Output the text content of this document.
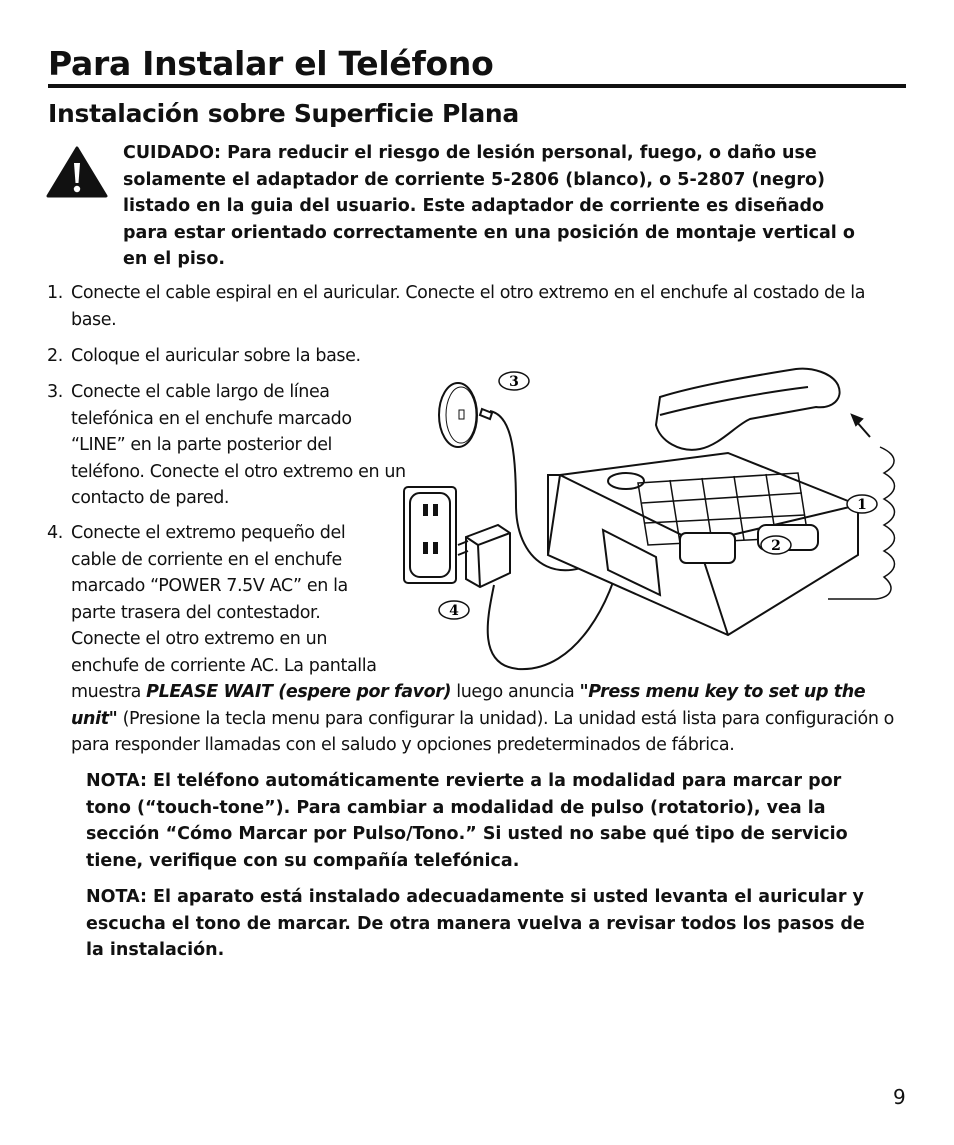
Para Instalar el Teléfono
Instalación sobre Superficie Plana

CUIDADO: Para reducir el riesgo de lesión personal, fuego, o daño use solamente el adaptador de corriente 5-2806 (blanco), o 5-2807 (negro) listado en la guia del usuario. Este adaptador de corriente es diseñado para estar orientado correctamente en una posición de montaje vertical o en el piso.

1. Conecte el cable espiral en el auricular. Conecte el otro extremo en el enchufe al costado de la base.

2. Coloque el auricular sobre la base.

3. Conecte el cable largo de línea telefónica en el enchufe marcado “LINE” en la parte posterior del teléfono. Conecte el otro extremo en un contacto de pared.

4. Conecte el extremo pequeño del cable de corriente en el enchufe marcado “POWER 7.5V AC” en la parte trasera del contestador. Conecte el otro extremo en un enchufe de corriente AC. La pantalla

muestra PLEASE WAIT (espere por favor) luego anuncia "Press menu key to set up the unit" (Presione la tecla menu para configurar la unidad). La unidad está lista para configuración o para responder llamadas con el saludo y opciones predeterminados de fábrica.

NOTA: El teléfono automáticamente revierte a la modalidad para marcar por tono (“touch-tone”). Para cambiar a modalidad de pulso (rotatorio), vea la sección “Cómo Marcar por Pulso/Tono.” Si usted no sabe qué tipo de servicio tiene, verifique con su compañía telefónica.

NOTA: El aparato está instalado adecuadamente si usted levanta el auricular y escucha el tono de marcar. De otra manera vuelva a revisar todos los pasos de la instalación.

3
1
2
4
9
